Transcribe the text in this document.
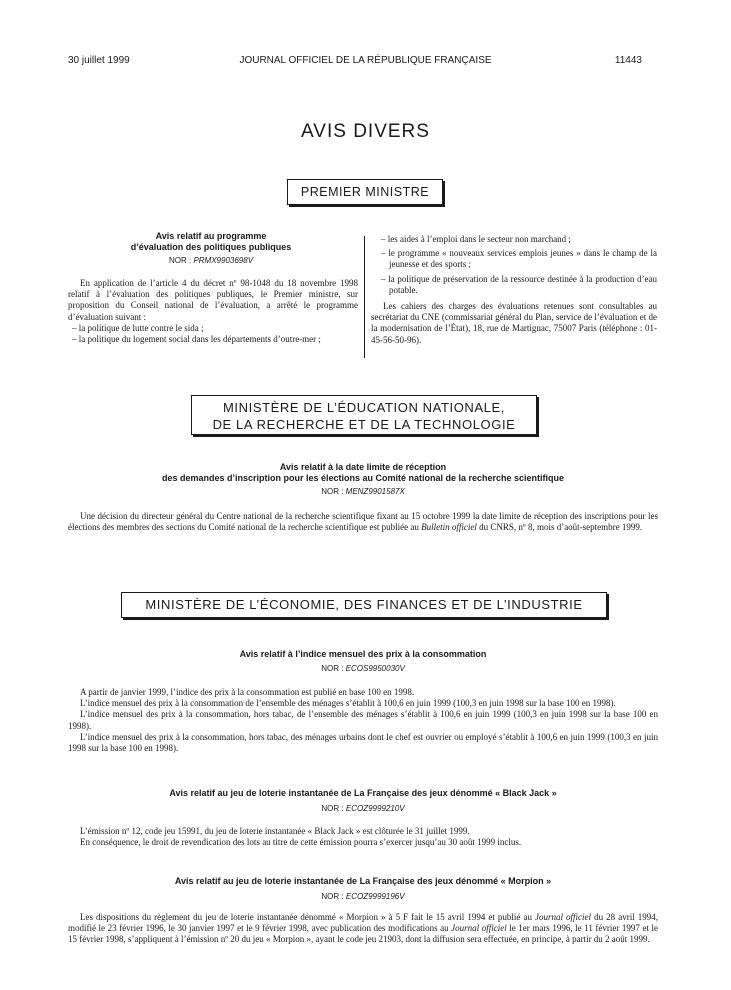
30 juillet 1999	JOURNAL OFFICIEL DE LA RÉPUBLIQUE FRANÇAISE	11443
AVIS DIVERS
PREMIER MINISTRE
Avis relatif au programme
d’évaluation des politiques publiques
NOR : PRMX9903698V

En application de l’article 4 du décret nº 98-1048 du 18 novembre 1998 relatif à l’évaluation des politiques publiques, le Premier ministre, sur proposition du Conseil national de l’évaluation, a arrêté le programme d’évaluation suivant :

– la politique de lutte contre le sida ;

– la politique du logement social dans les départements d’outre-mer ;

– les aides à l’emploi dans le secteur non marchand ;

– le programme « nouveaux services emplois jeunes » dans le champ de la jeunesse et des sports ;

– la politique de préservation de la ressource destinée à la production d’eau potable.

Les cahiers des charges des évaluations retenues sont consultables au secrétariat du CNE (commissariat général du Plan, service de l’évaluation et de la modernisation de l’État), 18, rue de Martignac, 75007 Paris (téléphone : 01-45-56-50-96).

MINISTÈRE DE L’ÉDUCATION NATIONALE,
DE LA RECHERCHE ET DE LA TECHNOLOGIE
Avis relatif à la date limite de réception
des demandes d’inscription pour les élections au Comité national de la recherche scientifique
NOR : MENZ9901587X

Une décision du directeur général du Centre national de la recherche scientifique fixant au 15 octobre 1999 la date limite de réception des inscriptions pour les élections des membres des sections du Comité national de la recherche scientifique est publiée au Bulletin officiel du CNRS, nº 8, mois d’août-septembre 1999.

MINISTÈRE DE L’ÉCONOMIE, DES FINANCES ET DE L’INDUSTRIE
Avis relatif à l’indice mensuel des prix à la consommation
NOR : ECOS9950030V

A partir de janvier 1999, l’indice des prix à la consommation est publié en base 100 en 1998.

L’indice mensuel des prix à la consommation de l’ensemble des ménages s’établit à 100,6 en juin 1999 (100,3 en juin 1998 sur la base 100 en 1998).

L’indice mensuel des prix à la consommation, hors tabac, de l’ensemble des ménages s’établit à 100,6 en juin 1999 (100,3 en juin 1998 sur la base 100 en 1998).

L’indice mensuel des prix à la consommation, hors tabac, des ménages urbains dont le chef est ouvrier ou employé s’établit à 100,6 en juin 1999 (100,3 en juin 1998 sur la base 100 en 1998).

Avis relatif au jeu de loterie instantanée de La Française des jeux dénommé « Black Jack »
NOR : ECOZ9999210V

L’émission nº 12, code jeu 15991, du jeu de loterie instantanée « Black Jack » est clôturée le 31 juillet 1999.

En conséquence, le droit de revendication des lots au titre de cette émission pourra s’exercer jusqu’au 30 août 1999 inclus.

Avis relatif au jeu de loterie instantanée de La Française des jeux dénommé « Morpion »
NOR : ECOZ9999196V

Les dispositions du règlement du jeu de loterie instantanée dénommé « Morpion » à 5 F fait le 15 avril 1994 et publié au Journal officiel du 28 avril 1994, modifié le 23 février 1996, le 30 janvier 1997 et le 9 février 1998, avec publication des modifications au Journal officiel le 1er mars 1996, le 11 février 1997 et le 15 février 1998, s’appliquent à l’émission nº 20 du jeu « Morpion », ayant le code jeu 21903, dont la diffusion sera effectuée, en principe, à partir du 2 août 1999.
